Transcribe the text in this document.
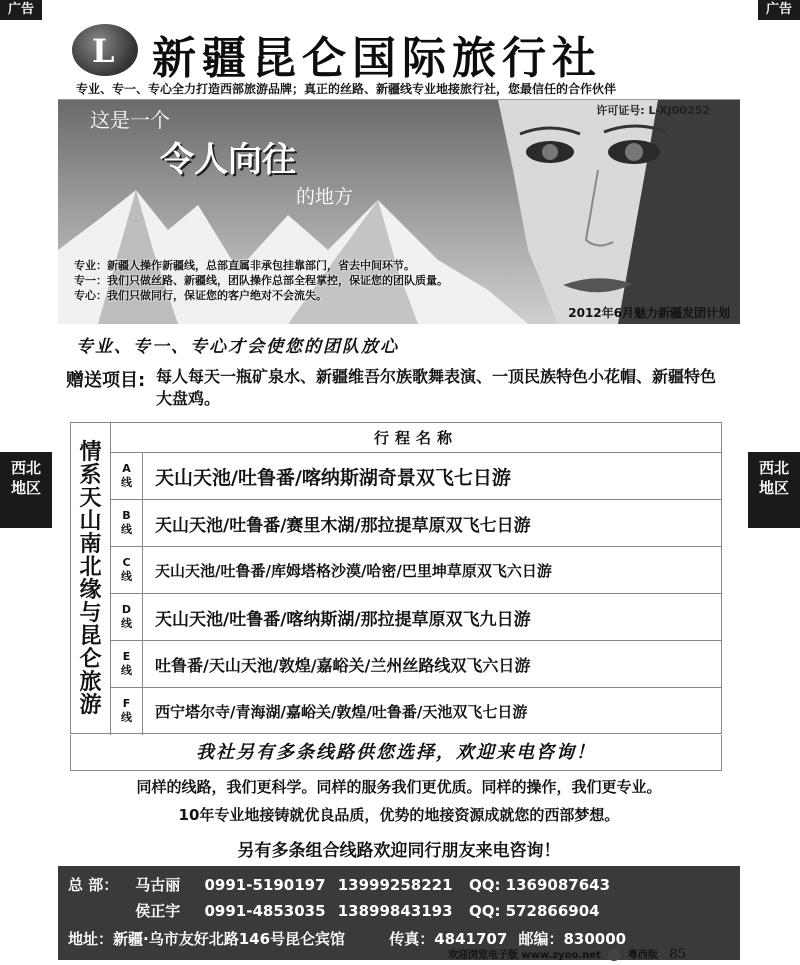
广告	广告
西北
地区
西北
地区
L 新疆昆仑国际旅行社
专业、专一、专心全力打造西部旅游品牌；真正的丝路、新疆线专业地接旅行社，您最信任的合作伙伴
许可证号: L-XJ00252
这是一个
令人向往
的地方
专业：新疆人操作新疆线，总部直属非承包挂靠部门，省去中间环节。
专一：我们只做丝路、新疆线，团队操作总部全程掌控，保证您的团队质量。
专心：我们只做同行，保证您的客户绝对不会流失。
2012年6月魅力新疆发团计划
专业、专一、专心才会使您的团队放心
赠送项目: 每人每天一瓶矿泉水、新疆维吾尔族歌舞表演、一顶民族特色小花帽、新疆特色大盘鸡。
情
系
天
山
南
北
缘
与
昆
仑
旅
游
行程名称
A
线	天山天池/吐鲁番/喀纳斯湖奇景双飞七日游
B
线	天山天池/吐鲁番/赛里木湖/那拉提草原双飞七日游
C
线	天山天池/吐鲁番/库姆塔格沙漠/哈密/巴里坤草原双飞六日游
D
线	天山天池/吐鲁番/喀纳斯湖/那拉提草原双飞九日游
E
线	吐鲁番/天山天池/敦煌/嘉峪关/兰州丝路线双飞六日游
F
线	西宁塔尔寺/青海湖/嘉峪关/敦煌/吐鲁番/天池双飞七日游
我社另有多条线路供您选择，欢迎来电咨询！
同样的线路，我们更科学。同样的服务我们更优质。同样的操作，我们更专业。
10年专业地接铸就优良品质，优势的地接资源成就您的西部梦想。
另有多条组合线路欢迎同行朋友来电咨询！
总 部： 马古丽 0991-5190197 13999258221 QQ: 1369087643
侯正宇 0991-4853035 13899843193 QQ: 572866904
地址：新疆·乌市友好北路146号昆仑宾馆	传真：4841707 邮编：830000
欢迎浏览电子版 www.zyoo.net	粤西版 85
